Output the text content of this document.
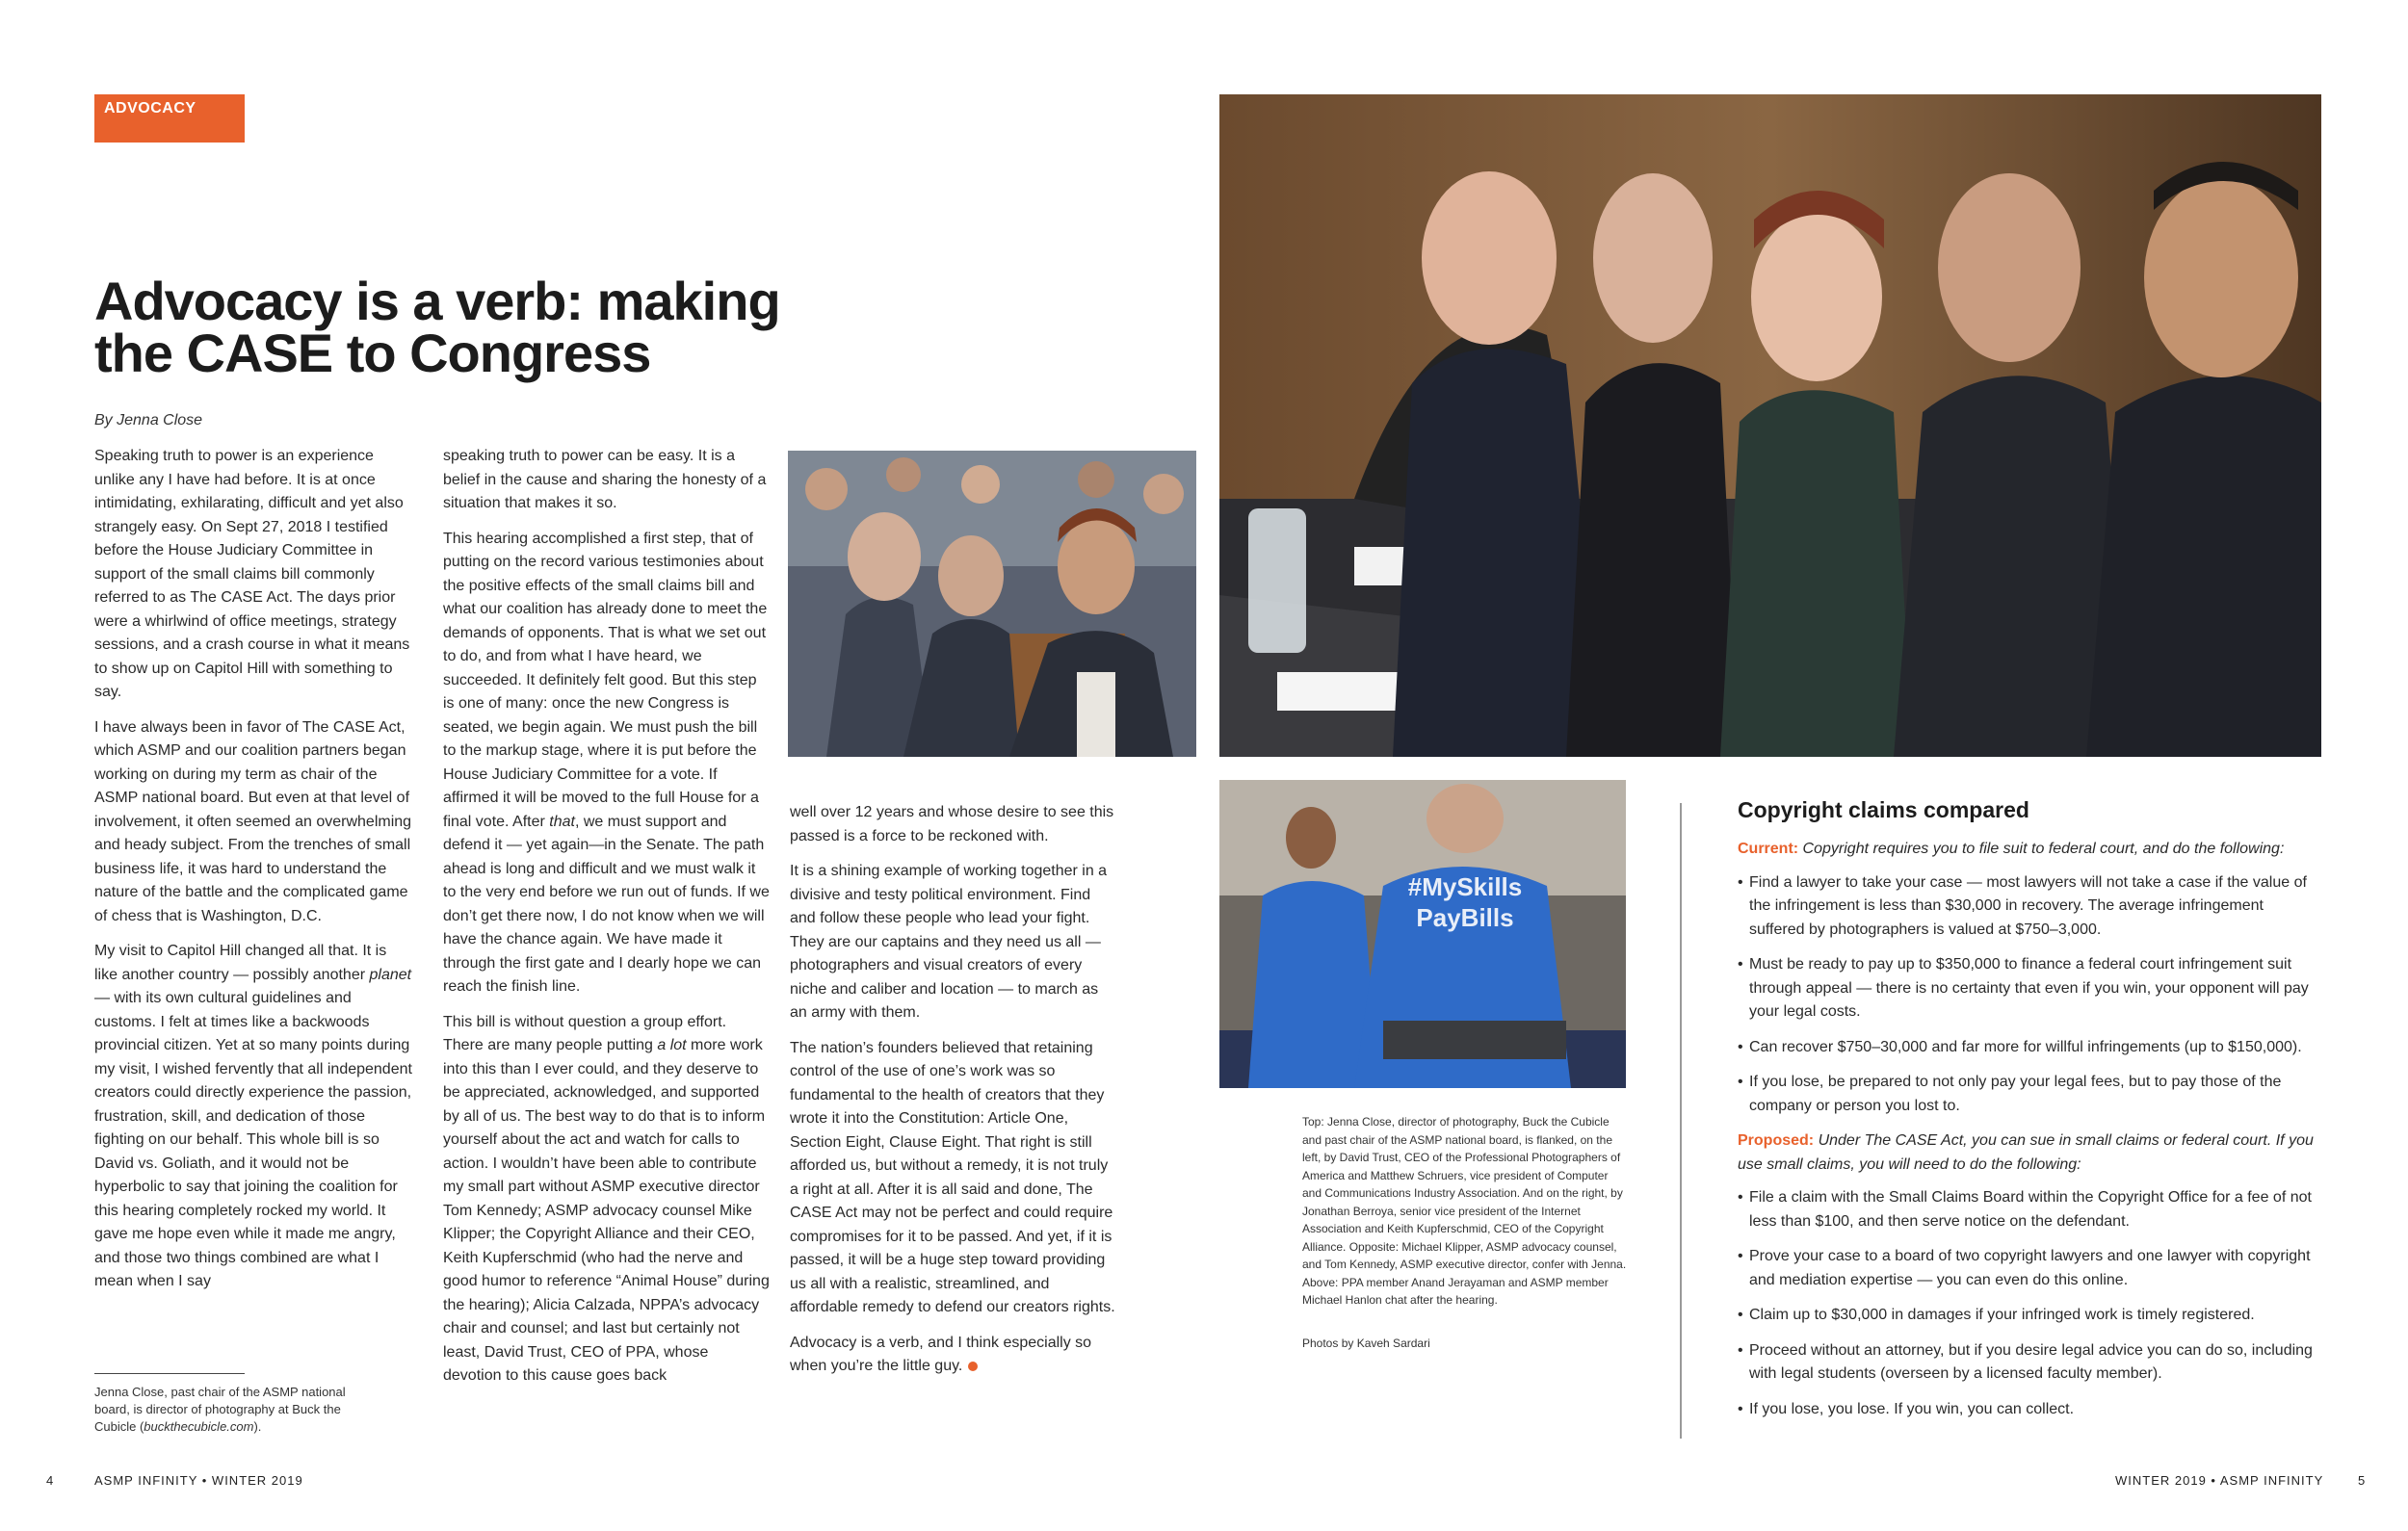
ADVOCACY
Advocacy is a verb: making
the CASE to Congress
By Jenna Close

Speaking truth to power is an experience unlike any I have had before. It is at once intimidating, exhilarating, difficult and yet also strangely easy. On Sept 27, 2018 I testified before the House Judiciary Committee in support of the small claims bill commonly referred to as The CASE Act. The days prior were a whirlwind of office meetings, strategy sessions, and a crash course in what it means to show up on Capitol Hill with something to say.

I have always been in favor of The CASE Act, which ASMP and our coalition partners began working on during my term as chair of the ASMP national board. But even at that level of involvement, it often seemed an overwhelming and heady subject. From the trenches of small business life, it was hard to understand the nature of the battle and the complicated game of chess that is Washington, D.C.

My visit to Capitol Hill changed all that. It is like another country — possibly another planet — with its own cultural guidelines and customs. I felt at times like a backwoods provincial citizen. Yet at so many points during my visit, I wished fervently that all independent creators could directly experience the passion, frustration, skill, and dedication of those fighting on our behalf. This whole bill is so David vs. Goliath, and it would not be hyperbolic to say that joining the coalition for this hearing completely rocked my world. It gave me hope even while it made me angry, and those two things combined are what I mean when I say

speaking truth to power can be easy. It is a belief in the cause and sharing the honesty of a situation that makes it so.

This hearing accomplished a first step, that of putting on the record various testimonies about the positive effects of the small claims bill and what our coalition has already done to meet the demands of opponents. That is what we set out to do, and from what I have heard, we succeeded. It definitely felt good. But this step is one of many: once the new Congress is seated, we begin again. We must push the bill to the markup stage, where it is put before the House Judiciary Committee for a vote. If affirmed it will be moved to the full House for a final vote. After that, we must support and defend it — yet again—in the Senate. The path ahead is long and difficult and we must walk it to the very end before we run out of funds. If we don’t get there now, I do not know when we will have the chance again. We have made it through the first gate and I dearly hope we can reach the finish line.

This bill is without question a group effort. There are many people putting a lot more work into this than I ever could, and they deserve to be appreciated, acknowledged, and supported by all of us. The best way to do that is to inform yourself about the act and watch for calls to action. I wouldn’t have been able to contribute my small part without ASMP executive director Tom Kennedy; ASMP advocacy counsel Mike Klipper; the Copyright Alliance and their CEO, Keith Kupferschmid (who had the nerve and good humor to reference “Animal House” during the hearing); Alicia Calzada, NPPA’s advocacy chair and counsel; and last but certainly not least, David Trust, CEO of PPA, whose devotion to this cause goes back

well over 12 years and whose desire to see this passed is a force to be reckoned with.

It is a shining example of working together in a divisive and testy political environment. Find and follow these people who lead your fight. They are our captains and they need us all — photographers and visual creators of every niche and caliber and location — to march as an army with them.

The nation’s founders believed that retaining control of the use of one’s work was so fundamental to the health of creators that they wrote it into the Constitution: Article One, Section Eight, Clause Eight. That right is still afforded us, but without a remedy, it is not truly a right at all. After it is all said and done, The CASE Act may not be perfect and could require compromises for it to be passed. And yet, if it is passed, it will be a huge step toward providing us all with a realistic, streamlined, and affordable remedy to defend our creators rights.

Advocacy is a verb, and I think especially so when you’re the little guy.

Jenna Close, past chair of the ASMP national board, is director of photography at Buck the Cubicle (buckthecubicle.com).
#MySkills
PayBills
Top: Jenna Close, director of photography, Buck the Cubicle and past chair of the ASMP national board, is flanked, on the left, by David Trust, CEO of the Professional Photographers of America and Matthew Schruers, vice president of Computer and Communications Industry Association. And on the right, by Jonathan Berroya, senior vice president of the Internet Association and Keith Kupferschmid, CEO of the Copyright Alliance. Opposite: Michael Klipper, ASMP advocacy counsel, and Tom Kennedy, ASMP executive director, confer with Jenna. Above: PPA member Anand Jerayaman and ASMP member Michael Hanlon chat after the hearing.
Photos by Kaveh Sardari
Copyright claims compared

Current: Copyright requires you to file suit to federal court, and do the following:

• Find a lawyer to take your case — most lawyers will not take a case if the value of the infringement is less than $30,000 in recovery. The average infringement suffered by photographers is valued at $750–3,000.
• Must be ready to pay up to $350,000 to finance a federal court infringement suit through appeal — there is no certainty that even if you win, your opponent will pay your legal costs.
• Can recover $750–30,000 and far more for willful infringements (up to $150,000).
• If you lose, be prepared to not only pay your legal fees, but to pay those of the company or person you lost to.

Proposed: Under The CASE Act, you can sue in small claims or federal court. If you use small claims, you will need to do the following:

• File a claim with the Small Claims Board within the Copyright Office for a fee of not less than $100, and then serve notice on the defendant.
• Prove your case to a board of two copyright lawyers and one lawyer with copyright and mediation expertise — you can even do this online.
• Claim up to $30,000 in damages if your infringed work is timely registered.
• Proceed without an attorney, but if you desire legal advice you can do so, including with legal students (overseen by a licensed faculty member).
• If you lose, you lose. If you win, you can collect.
4	ASMP INFINITY • WINTER 2019	WINTER 2019 • ASMP INFINITY	5
